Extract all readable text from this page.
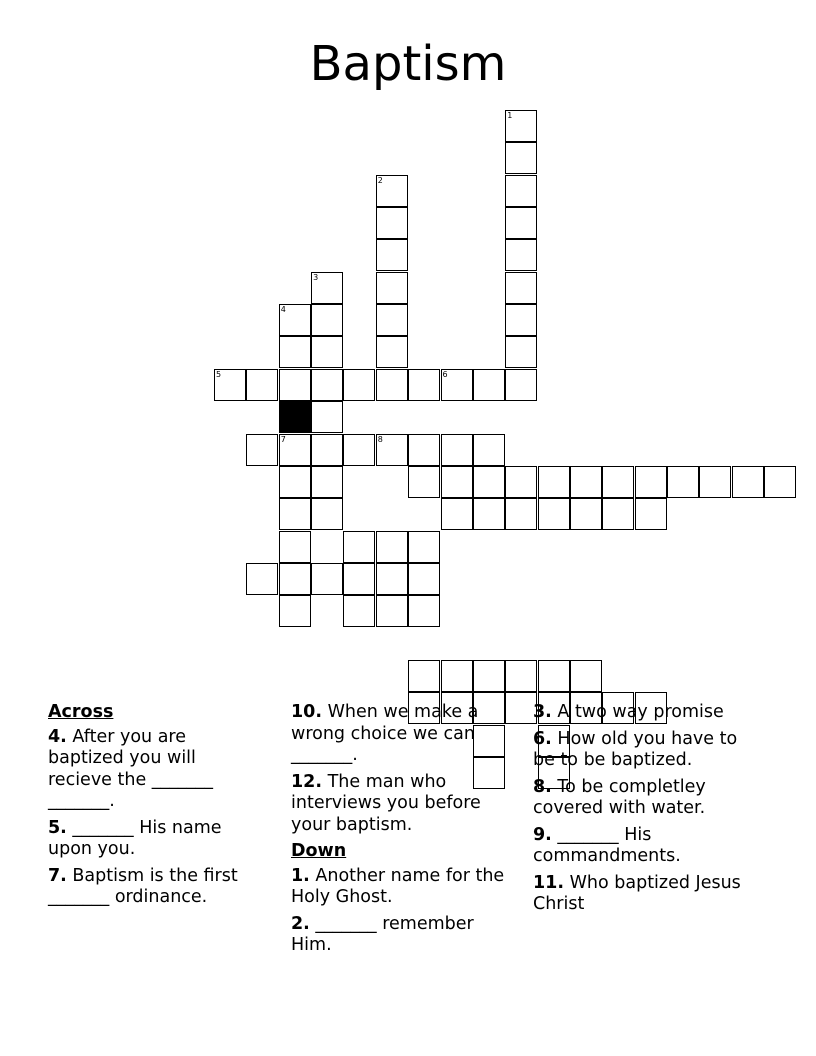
Baptism
1
2
3
4
7
5	6
8
Across
4. After you are baptized you will recieve the _______ _______.
5. _______ His name upon you.
7. Baptism is the first _______ ordinance.
10. When we make a wrong choice we can _______.
12. The man who interviews you before your baptism.
Down
1. Another name for the Holy Ghost.
2. _______ remember Him.
3. A two way promise
6. How old you have to be to be baptized.
8. To be completley covered with water.
9. _______ His commandments.
11. Who baptized Jesus Christ
